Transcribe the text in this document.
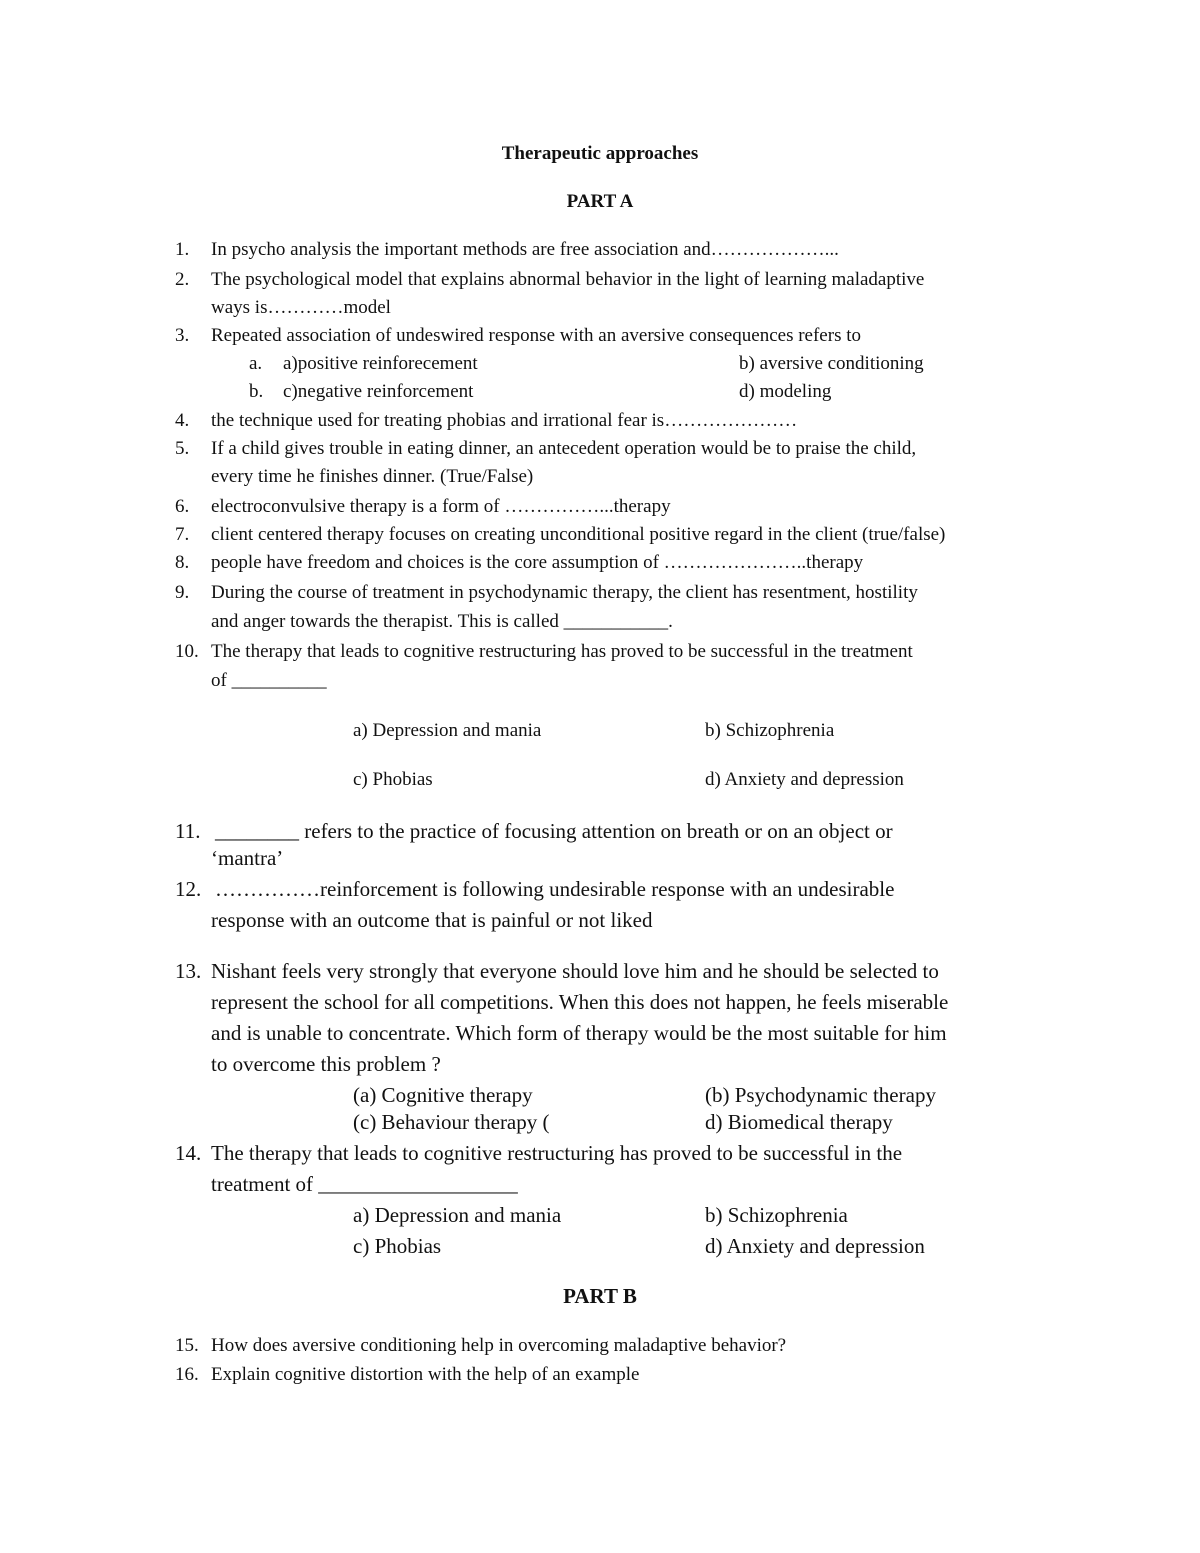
Therapeutic approaches
PART A
1. In psycho analysis the important methods are free association and………………...
2. The psychological model that explains abnormal behavior in the light of learning maladaptive
ways is…………model
3. Repeated association of undeswired response with an aversive consequences refers to
a. a)positive reinforecement	b) aversive conditioning
b. c)negative reinforcement	d) modeling
4. the technique used for treating phobias and irrational fear is…………………
5. If a child gives trouble in eating dinner, an antecedent operation would be to praise the child,
every time he finishes dinner. (True/False)
6. electroconvulsive therapy is a form of ……………...therapy
7. client centered therapy focuses on creating unconditional positive regard in the client (true/false)
8. people have freedom and choices is the core assumption of …………………..therapy
9. During the course of treatment in psychodynamic therapy, the client has resentment, hostility
and anger towards the therapist. This is called ___________.
10. The therapy that leads to cognitive restructuring has proved to be successful in the treatment
of __________
a) Depression and mania	b) Schizophrenia
c) Phobias	d) Anxiety and depression
11. ________ refers to the practice of focusing attention on breath or on an object or
‘mantra’
12. ……………reinforcement is following undesirable response with an undesirable
response with an outcome that is painful or not liked
13. Nishant feels very strongly that everyone should love him and he should be selected to
represent the school for all competitions. When this does not happen, he feels miserable
and is unable to concentrate. Which form of therapy would be the most suitable for him
to overcome this problem ?
(a) Cognitive therapy	(b) Psychodynamic therapy
(c) Behaviour therapy (	d) Biomedical therapy
14. The therapy that leads to cognitive restructuring has proved to be successful in the
treatment of ___________________
a) Depression and mania	b) Schizophrenia
c) Phobias	d) Anxiety and depression
PART B
15. How does aversive conditioning help in overcoming maladaptive behavior?
16. Explain cognitive distortion with the help of an example
